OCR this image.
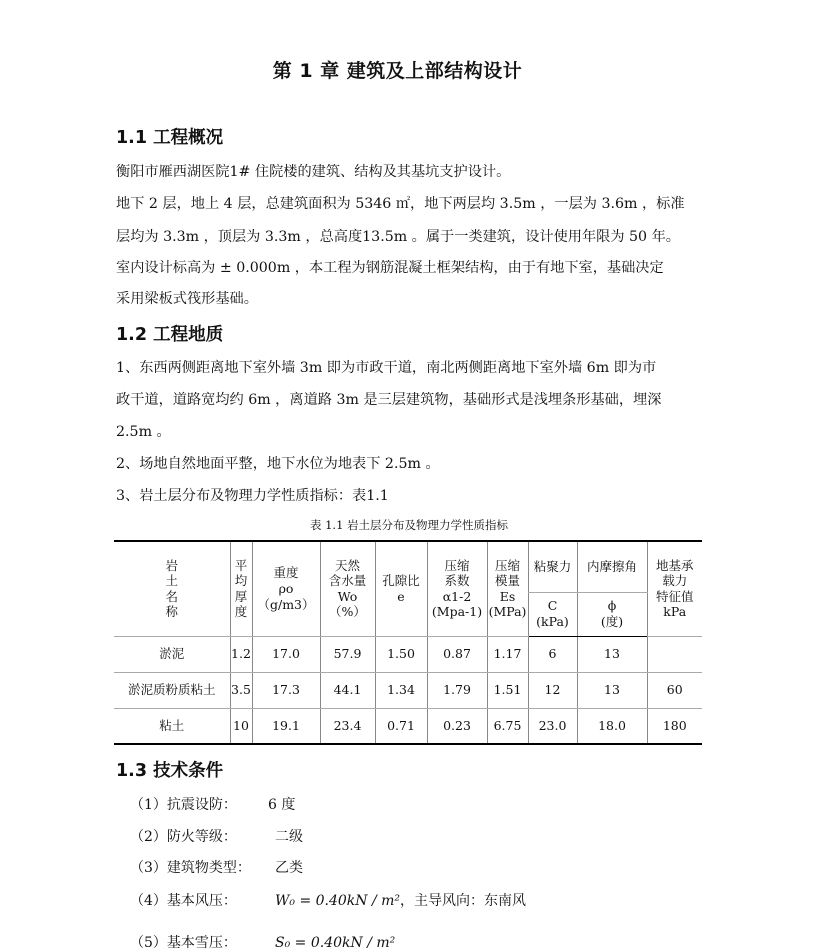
第 1 章 建筑及上部结构设计
1.1 工程概况
衡阳市雁西湖医院1# 住院楼的建筑、结构及其基坑支护设计。
地下 2 层，地上 4 层，总建筑面积为 5346 ㎡，地下两层均 3.5m ，一层为 3.6m ，标准
层均为 3.3m ，顶层为 3.3m ，总高度13.5m 。属于一类建筑，设计使用年限为 50 年。
室内设计标高为 ± 0.000m ，本工程为钢筋混凝土框架结构，由于有地下室，基础决定
采用梁板式筏形基础。
1.2 工程地质
1、东西两侧距离地下室外墙 3m 即为市政干道，南北两侧距离地下室外墙 6m 即为市
政干道，道路宽均约 6m ，离道路 3m 是三层建筑物，基础形式是浅埋条形基础，埋深
2.5m 。
2、场地自然地面平整，地下水位为地表下 2.5m 。
3、岩土层分布及物理力学性质指标：表1.1
表 1.1 岩土层分布及物理力学性质指标
岩
土
名
称	平
均
厚
度	重度
ρo
（g/m3）	天然
含水量
Wo
（%）	孔隙比
e	压缩
系数
α1-2
(Mpa-1)	压缩
模量
Es
(MPa)	粘聚力	内摩擦角	地基承
载力
特征值
kPa
							C
(kPa)	ϕ
(度)	
淤泥	1.2	17.0	57.9	1.50	0.87	1.17	6	13	
淤泥质粉质粘土	3.5	17.3	44.1	1.34	1.79	1.51	12	13	60
粘土	10	19.1	23.4	0.71	0.23	6.75	23.0	18.0	180
1.3 技术条件
（1）抗震设防： 6 度
（2）防火等级：	二级
（3）建筑物类型： 乙类
（4）基本风压：	W₀ = 0.40kN / m²，主导风向：东南风
（5）基本雪压：	S₀ = 0.40kN / m²
